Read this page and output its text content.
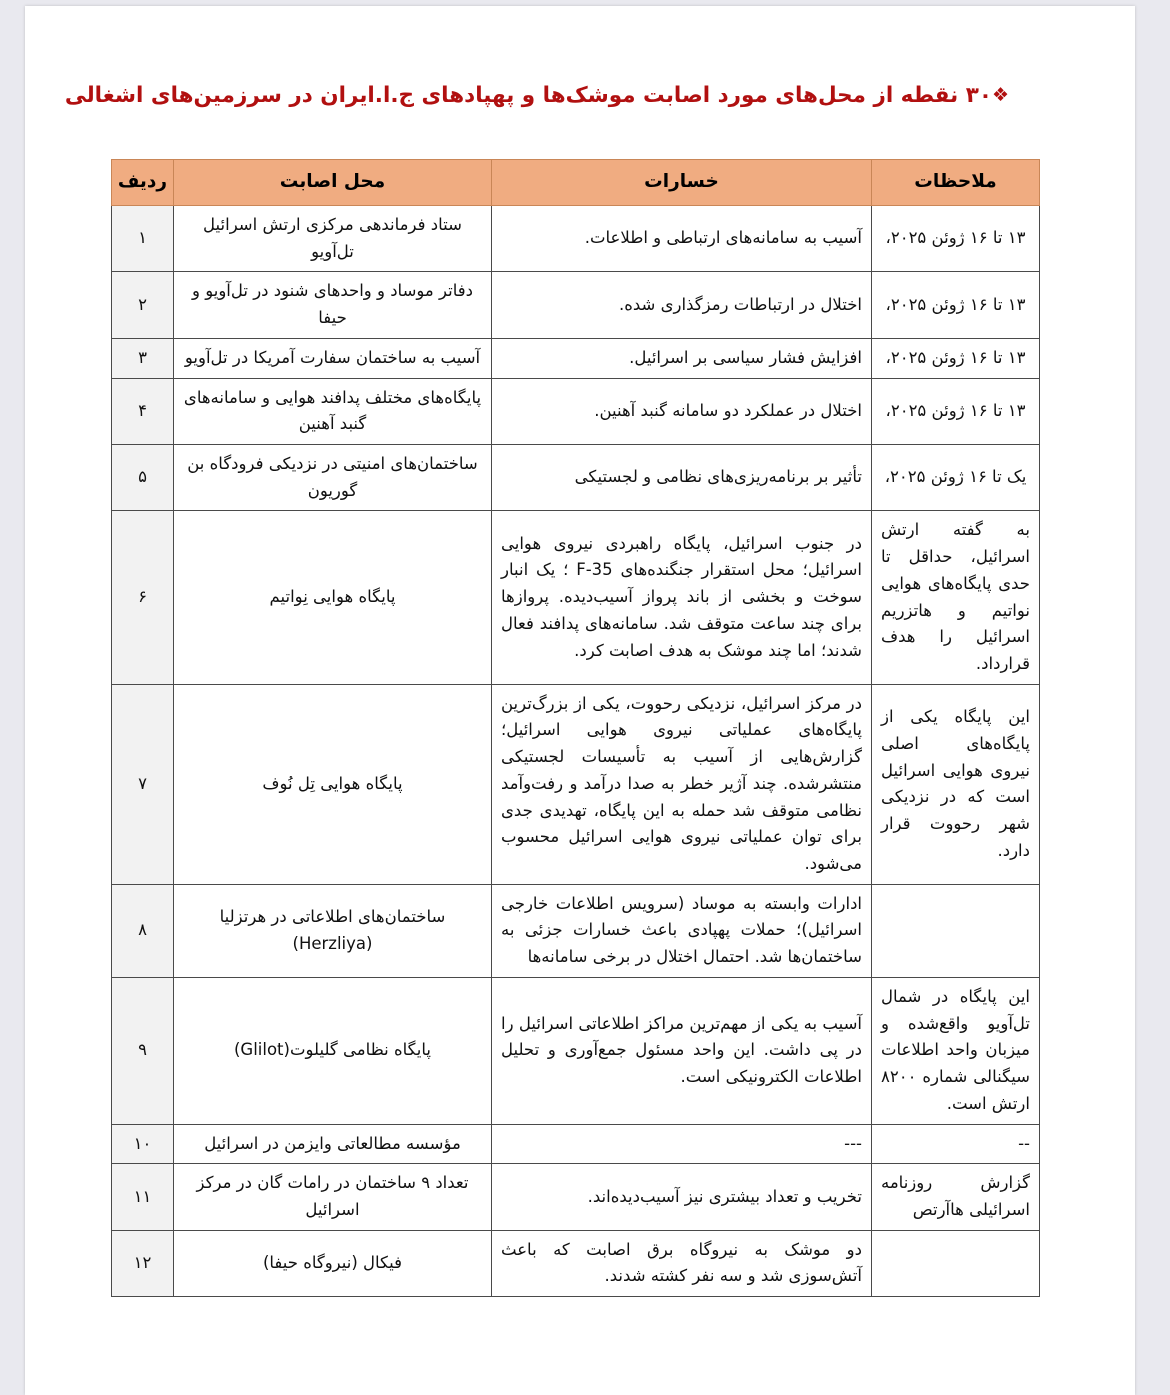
❖۳۰ نقطه از محل‌های مورد اصابت موشک‌ها و پهپادهای ج.ا.ایران در سرزمین‌های اشغالی
ملاحظات	خسارات	محل اصابت	ردیف
۱۳ تا ۱۶ ژوئن ۲۰۲۵،	آسیب به سامانه‌های ارتباطی و اطلاعات.	ستاد فرماندهی مرکزی ارتش اسرائیل تل‌آویو	۱
۱۳ تا ۱۶ ژوئن ۲۰۲۵،	اختلال در ارتباطات رمزگذاری شده.	دفاتر موساد و واحدهای شنود در تل‌آویو و حیفا	۲
۱۳ تا ۱۶ ژوئن ۲۰۲۵،	افزایش فشار سیاسی بر اسرائیل.	آسیب به ساختمان سفارت آمریکا در تل‌آویو	۳
۱۳ تا ۱۶ ژوئن ۲۰۲۵،	اختلال در عملکرد دو سامانه گنبد آهنین.	پایگاه‌های مختلف پدافند هوایی و سامانه‌های گنبد آهنین	۴
یک تا ۱۶ ژوئن ۲۰۲۵،	تأثیر بر برنامه‌ریزی‌های نظامی و لجستیکی	ساختمان‌های امنیتی در نزدیکی فرودگاه بن گوریون	۵
به گفته ارتش اسرائیل، حداقل تا حدی پایگاه‌های هوایی نواتیم و هاتزریم اسرائیل را هدف قرارداد.	در جنوب اسرائیل، پایگاه راهبردی نیروی هوایی اسرائیل؛ محل استقرار جنگنده‌های F-35 ؛ یک انبار سوخت و بخشی از باند پرواز آسیب‌دیده. پروازها برای چند ساعت متوقف شد. سامانه‌های پدافند فعال شدند؛ اما چند موشک به هدف اصابت کرد.	پایگاه هوایی نِواتیم	۶
این پایگاه یکی از پایگاه‌های اصلی نیروی هوایی اسرائیل است که در نزدیکی شهر رحووت قرار دارد.	در مرکز اسرائیل، نزدیکی رحووت، یکی از بزرگ‌ترین پایگاه‌های عملیاتی نیروی هوایی اسرائیل؛ گزارش‌هایی از آسیب به تأسیسات لجستیکی منتشرشده. چند آژیر خطر به صدا درآمد و رفت‌وآمد نظامی متوقف شد حمله به این پایگاه، تهدیدی جدی برای توان عملیاتی نیروی هوایی اسرائیل محسوب می‌شود.	پایگاه هوایی تِل نُوف	۷
	ادارات وابسته به موساد (سرویس اطلاعات خارجی اسرائیل)؛ حملات پهپادی باعث خسارات جزئی به ساختمان‌ها شد. احتمال اختلال در برخی سامانه‌ها	ساختمان‌های اطلاعاتی در هرتزلیا (Herzliya)	۸
این پایگاه در شمال تل‌آویو واقع‌شده و میزبان واحد اطلاعات سیگنالی شماره ۸۲۰۰ ارتش است.	آسیب به یکی از مهم‌ترین مراکز اطلاعاتی اسرائیل را در پی داشت. این واحد مسئول جمع‌آوری و تحلیل اطلاعات الکترونیکی است.	پایگاه نظامی گلیلوت(Glilot)	۹
--	---	مؤسسه مطالعاتی وایزمن در اسرائیل	۱۰
گزارش روزنامه اسرائیلی هاآرتص	تخریب و تعداد بیشتری نیز آسیب‌دیده‌اند.	تعداد ۹ ساختمان در رامات گان در مرکز اسرائیل	۱۱
	دو موشک به نیروگاه برق اصابت که باعث آتش‌سوزی شد و سه نفر کشته شدند.	فیکال (نیروگاه حیفا)	۱۲
